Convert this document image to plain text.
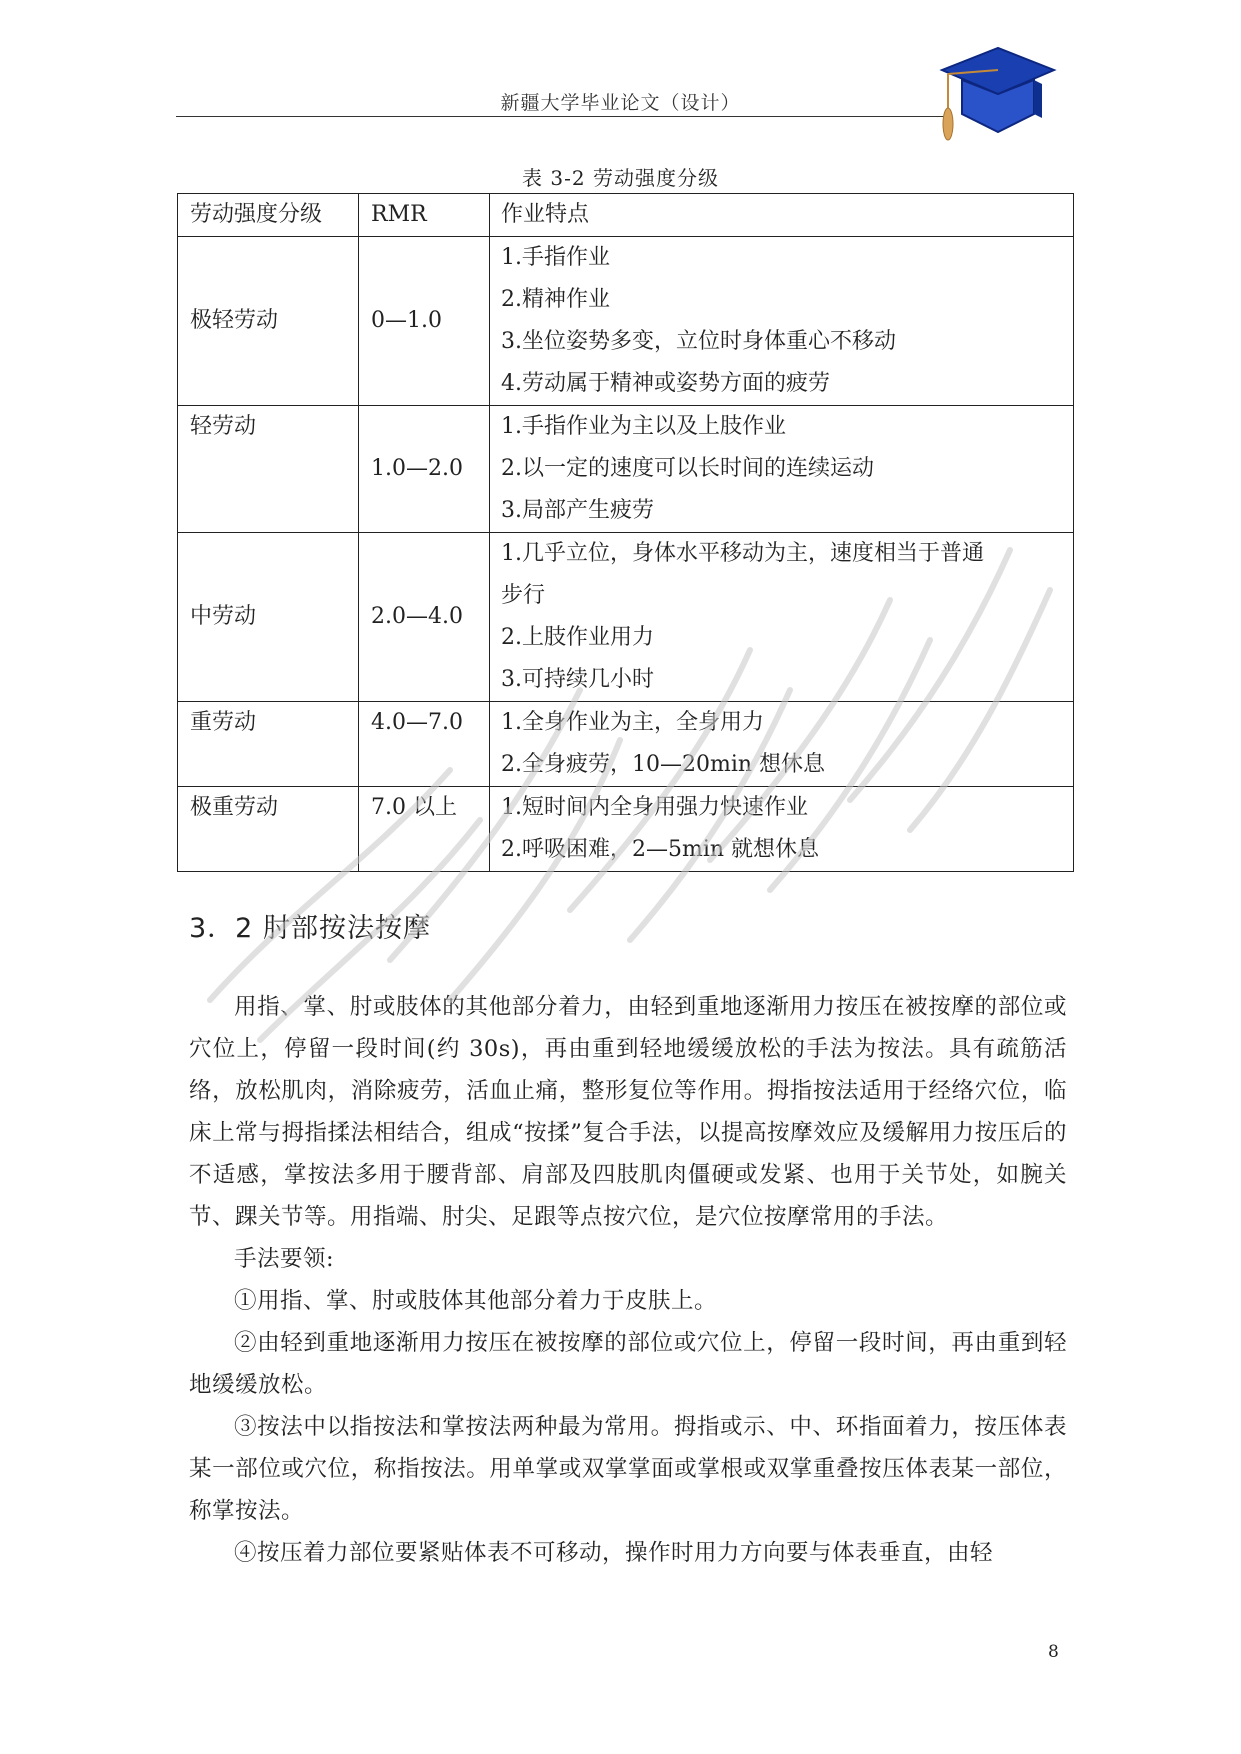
新疆大学毕业论文（设计）
表 3-2 劳动强度分级
劳动强度分级	RMR	作业特点
极轻劳动	0—1.0	1.手指作业
2.精神作业
3.坐位姿势多变，立位时身体重心不移动
4.劳动属于精神或姿势方面的疲劳

轻劳动	1.0—2.0	1.手指作业为主以及上肢作业
2.以一定的速度可以长时间的连续运动
3.局部产生疲劳

中劳动	2.0—4.0	1.几乎立位，身体水平移动为主，速度相当于普通
步行
2.上肢作业用力
3.可持续几小时

重劳动	4.0—7.0	1.全身作业为主，全身用力
2.全身疲劳，10—20min 想休息

极重劳动	7.0 以上	1.短时间内全身用强力快速作业
2.呼吸困难，2—5min 就想休息
3．2 肘部按法按摩

用指、掌、肘或肢体的其他部分着力，由轻到重地逐渐用力按压在被按摩的部位或穴位上，停留一段时间(约 30s)，再由重到轻地缓缓放松的手法为按法。具有疏筋活络，放松肌肉，消除疲劳，活血止痛，整形复位等作用。拇指按法适用于经络穴位，临床上常与拇指揉法相结合，组成“按揉”复合手法，以提高按摩效应及缓解用力按压后的不适感，掌按法多用于腰背部、肩部及四肢肌肉僵硬或发紧、也用于关节处，如腕关节、踝关节等。用指端、肘尖、足跟等点按穴位，是穴位按摩常用的手法。

手法要领:

①用指、掌、肘或肢体其他部分着力于皮肤上。

②由轻到重地逐渐用力按压在被按摩的部位或穴位上，停留一段时间，再由重到轻地缓缓放松。

③按法中以指按法和掌按法两种最为常用。拇指或示、中、环指面着力，按压体表某一部位或穴位，称指按法。用单掌或双掌掌面或掌根或双掌重叠按压体表某一部位，称掌按法。

④按压着力部位要紧贴体表不可移动，操作时用力方向要与体表垂直，由轻

8
